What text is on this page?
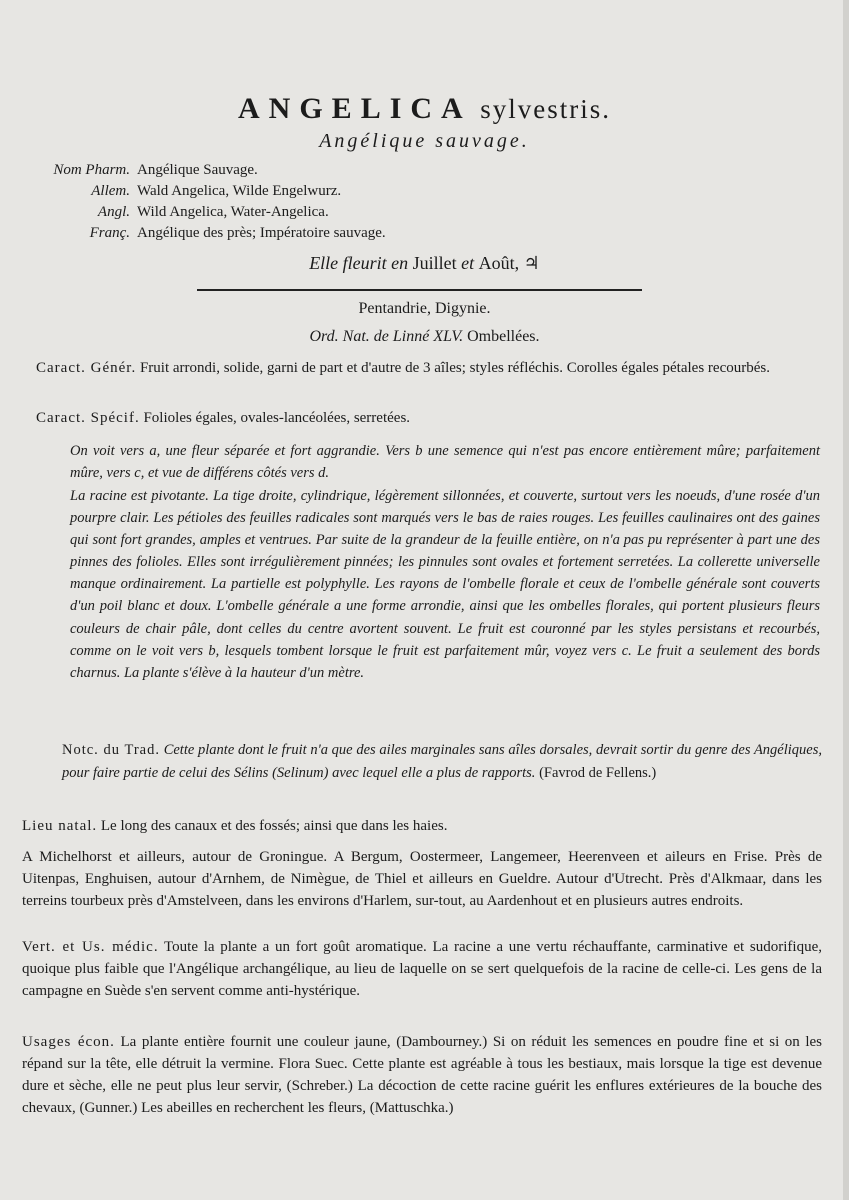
ANGELICA sylvestris.
Angélique sauvage.
Nom Pharm. Angélique Sauvage.
Allem. Wald Angelica, Wilde Engelwurz.
Angl. Wild Angelica, Water-Angelica.
Franç. Angélique des près; Impératoire sauvage.
Elle fleurit en Juillet et Août, ♃
Pentandrie, Digynie.
Ord. Nat. de Linné XLV. Ombellées.
Caract. Génér. Fruit arrondi, solide, garni de part et d'autre de 3 aîles; styles réfléchis. Corolles égales pétales recourbés.
Caract. Spécif. Folioles égales, ovales-lancéolées, serretées.
On voit vers a, une fleur séparée et fort aggrandie. Vers b une semence qui n'est pas encore entièrement mûre; parfaitement mûre, vers c, et vue de différens côtés vers d.
La racine est pivotante. La tige droite, cylindrique, légèrement sillonnées, et couverte, surtout vers les noeuds, d'une rosée d'un pourpre clair. Les pétioles des feuilles radicales sont marqués vers le bas de raies rouges. Les feuilles caulinaires ont des gaines qui sont fort grandes, amples et ventrues. Par suite de la grandeur de la feuille entière, on n'a pas pu représenter à part une des pinnes des folioles. Elles sont irrégulièrement pinnées; les pinnules sont ovales et fortement serretées. La collerette universelle manque ordinairement. La partielle est polyphylle. Les rayons de l'ombelle florale et ceux de l'ombelle générale sont couverts d'un poil blanc et doux. L'ombelle générale a une forme arrondie, ainsi que les ombelles florales, qui portent plusieurs fleurs couleurs de chair pâle, dont celles du centre avortent souvent. Le fruit est couronné par les styles persistans et recourbés, comme on le voit vers b, lesquels tombent lorsque le fruit est parfaitement mûr, voyez vers c. Le fruit a seulement des bords charnus. La plante s'élève à la hauteur d'un mètre.
Notc. du Trad. Cette plante dont le fruit n'a que des ailes marginales sans aîles dorsales, devrait sortir du genre des Angéliques, pour faire partie de celui des Sélins (Selinum) avec lequel elle a plus de rapports. (Favrod de Fellens.)
Lieu natal. Le long des canaux et des fossés; ainsi que dans les haies.
A Michelhorst et ailleurs, autour de Groningue. A Bergum, Oostermeer, Langemeer, Heerenveen et aileurs en Frise. Près de Uitenpas, Enghuisen, autour d'Arnhem, de Nimègue, de Thiel et ailleurs en Gueldre. Autour d'Utrecht. Près d'Alkmaar, dans les terreins tourbeux près d'Amstelveen, dans les environs d'Harlem, sur-tout, au Aardenhout et en plusieurs autres endroits.
Vert. et Us. médic. Toute la plante a un fort goût aromatique. La racine a une vertu réchauffante, carminative et sudorifique, quoique plus faible que l'Angélique archangélique, au lieu de laquelle on se sert quelquefois de la racine de celle-ci. Les gens de la campagne en Suède s'en servent comme anti-hystérique.
Usages écon. La plante entière fournit une couleur jaune, (Dambourney.) Si on réduit les semences en poudre fine et si on les répand sur la tête, elle détruit la vermine. Flora Suec. Cette plante est agréable à tous les bestiaux, mais lorsque la tige est devenue dure et sèche, elle ne peut plus leur servir, (Schreber.) La décoction de cette racine guérit les enflures extérieures de la bouche des chevaux, (Gunner.) Les abeilles en recherchent les fleurs, (Mattuschka.)
